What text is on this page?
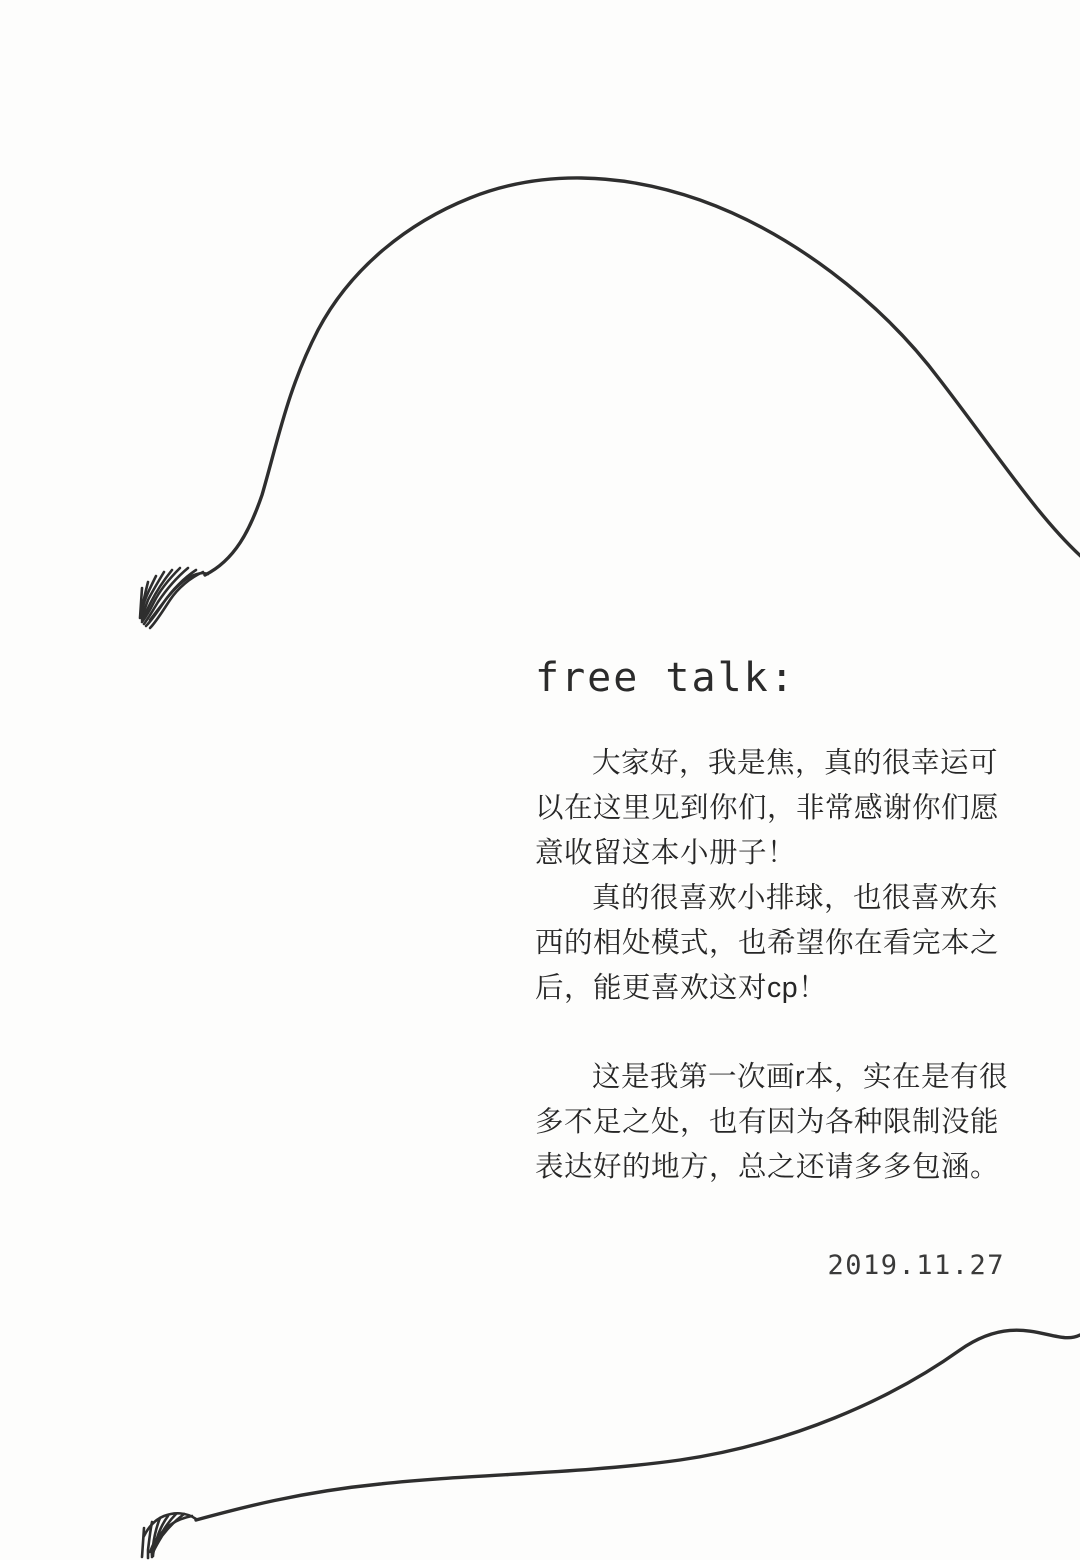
free talk:

大家好，我是焦，真的很幸运可以在这里见到你们，非常感谢你们愿意收留这本小册子！

真的很喜欢小排球，也很喜欢东西的相处模式，也希望你在看完本之后，能更喜欢这对cp！

这是我第一次画r本，实在是有很多不足之处，也有因为各种限制没能表达好的地方，总之还请多多包涵。

2019.11.27
